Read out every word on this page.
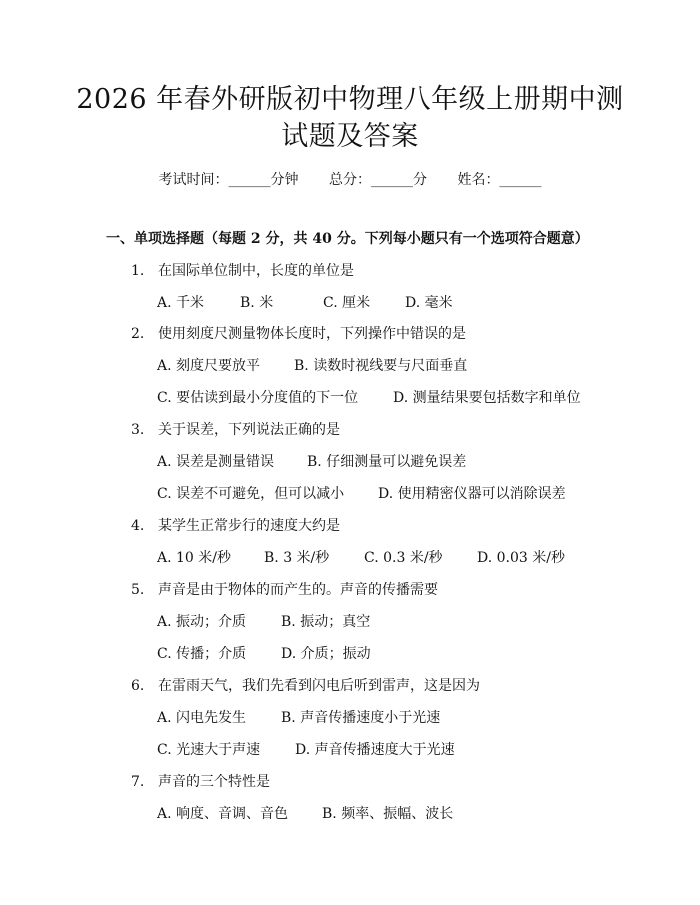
2026 年春外研版初中物理八年级上册期中测
试题及答案
考试时间：______分钟 总分：______分 姓名：______
一、单项选择题（每题 2 分，共 40 分。下列每小题只有一个选项符合题意）
1. 在国际单位制中，长度的单位是
A. 千米	B. 米	C. 厘米 D. 毫米
2. 使用刻度尺测量物体长度时，下列操作中错误的是
A. 刻度尺要放平 B. 读数时视线要与尺面垂直
C. 要估读到最小分度值的下一位 D. 测量结果要包括数字和单位
3. 关于误差，下列说法正确的是
A. 误差是测量错误 B. 仔细测量可以避免误差
C. 误差不可避免，但可以减小 D. 使用精密仪器可以消除误差
4. 某学生正常步行的速度大约是
A. 10 米/秒 B. 3 米/秒 C. 0.3 米/秒 D. 0.03 米/秒
5. 声音是由于物体的而产生的。声音的传播需要
A. 振动；介质 B. 振动；真空
C. 传播；介质 D. 介质；振动
6. 在雷雨天气，我们先看到闪电后听到雷声，这是因为
A. 闪电先发生 B. 声音传播速度小于光速
C. 光速大于声速 D. 声音传播速度大于光速
7. 声音的三个特性是
A. 响度、音调、音色 B. 频率、振幅、波长
